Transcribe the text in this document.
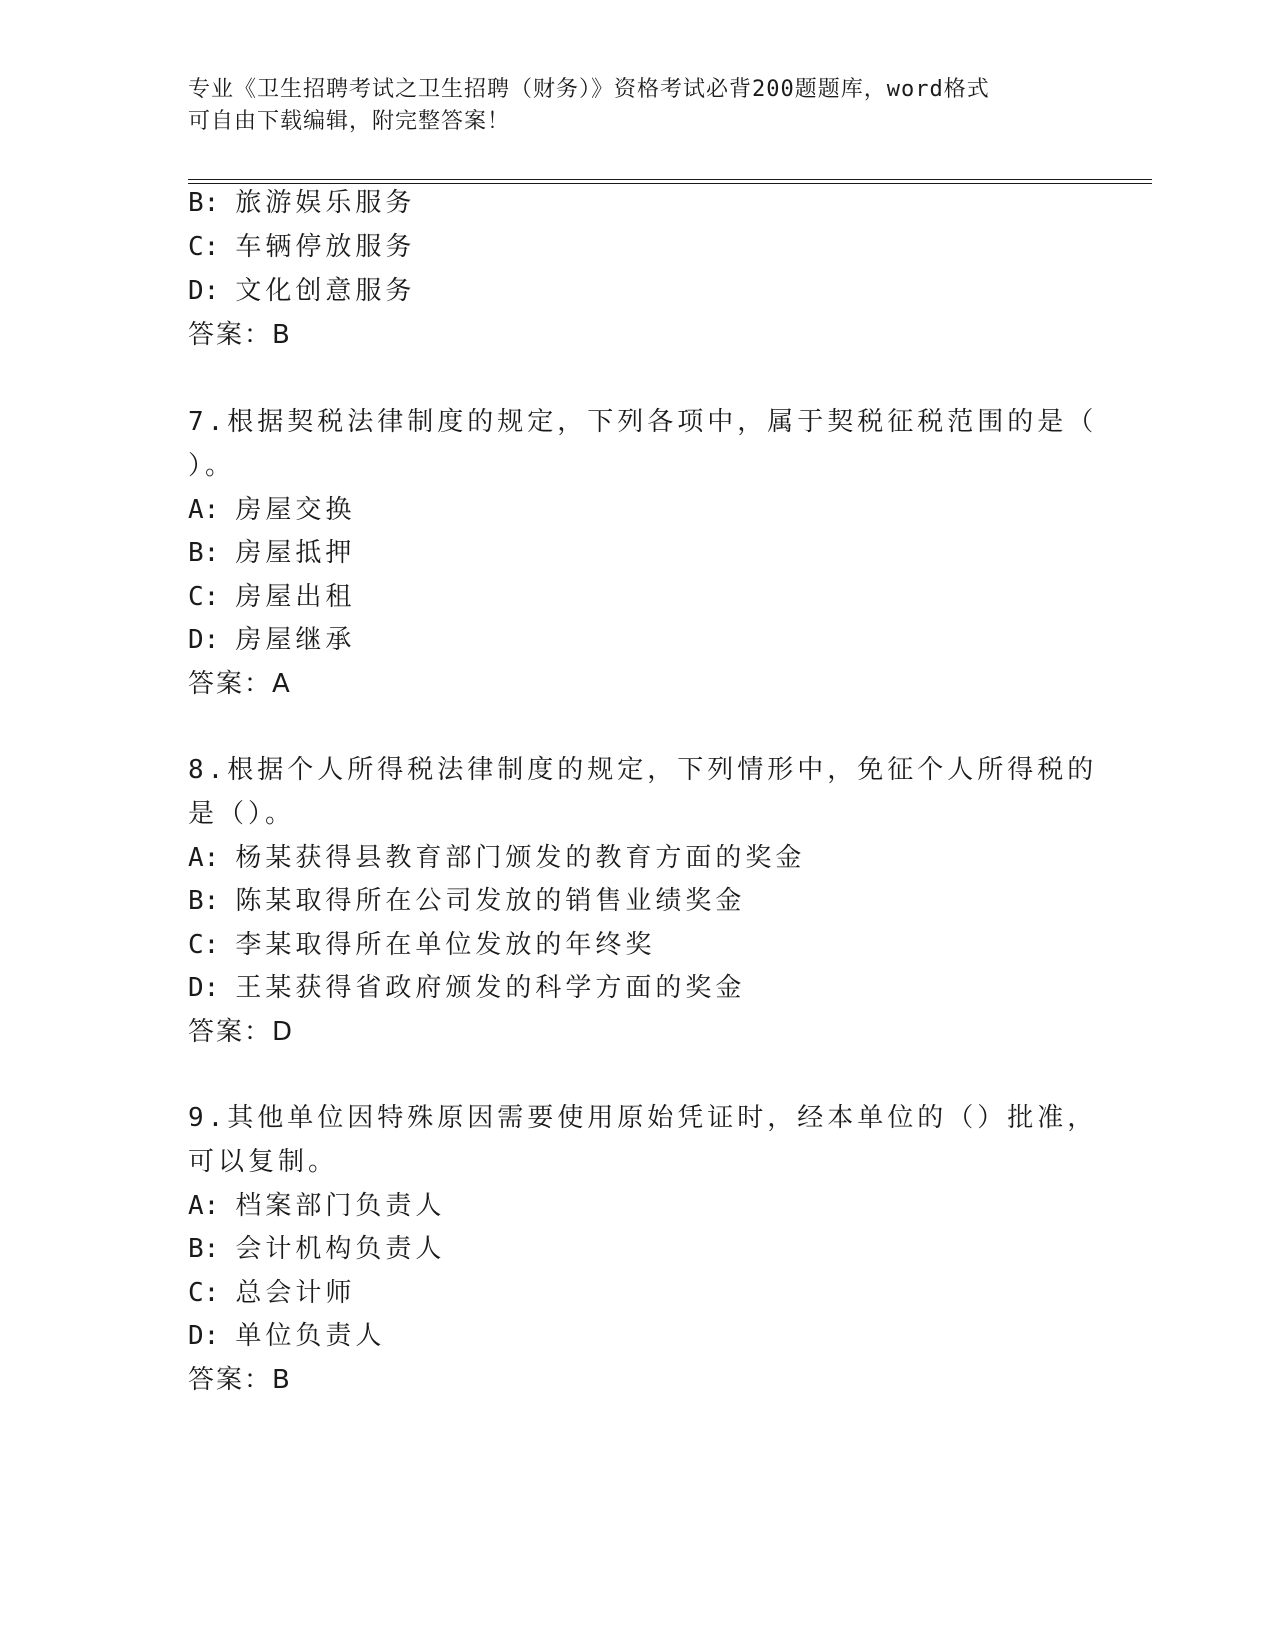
专业《卫生招聘考试之卫生招聘（财务）》资格考试必背200题题库，word格式
可自由下载编辑，附完整答案！
B: 旅游娱乐服务
C: 车辆停放服务
D: 文化创意服务
答案：B
7.根据契税法律制度的规定，下列各项中，属于契税征税范围的是（
）。
A: 房屋交换
B: 房屋抵押
C: 房屋出租
D: 房屋继承
答案：A
8.根据个人所得税法律制度的规定，下列情形中，免征个人所得税的
是（）。
A: 杨某获得县教育部门颁发的教育方面的奖金
B: 陈某取得所在公司发放的销售业绩奖金
C: 李某取得所在单位发放的年终奖
D: 王某获得省政府颁发的科学方面的奖金
答案：D
9.其他单位因特殊原因需要使用原始凭证时，经本单位的（）批准，
可以复制。
A: 档案部门负责人
B: 会计机构负责人
C: 总会计师
D: 单位负责人
答案：B
